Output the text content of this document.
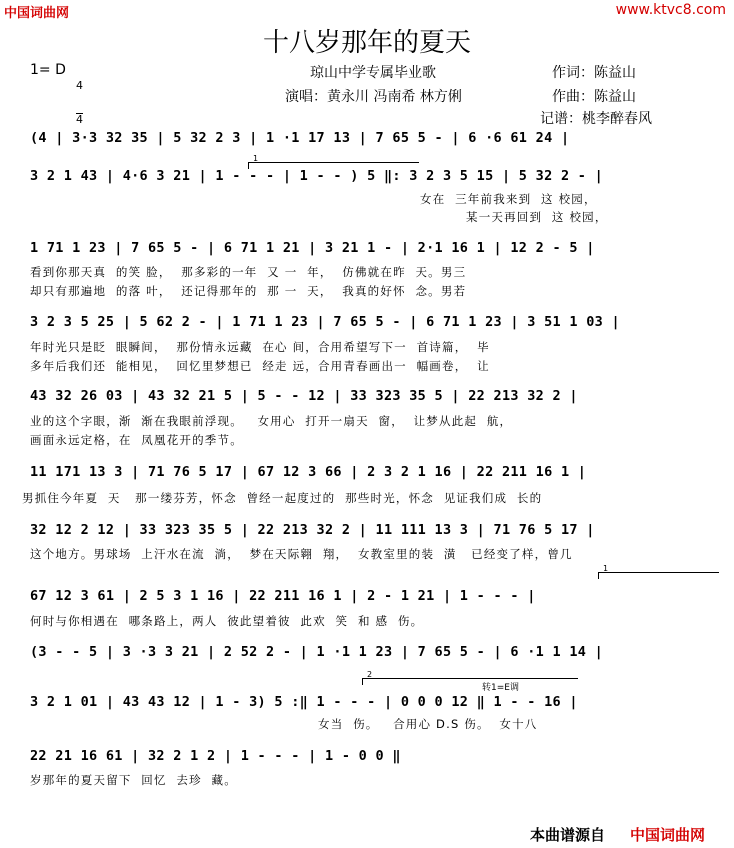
中国词曲网	www.ktvc8.com
十八岁那年的夏天
1= D

$\frac{4}{4}$	琼山中学专属毕业歌
演唱：黄永川 冯南希 林方俐
作词：陈益山
作曲：陈益山
记谱：桃李醉春风
(4 | 3·3 32 35 | 5 32 2 3 | 1 ·1 17 13 | 7 65 5 - | 6 ·6 61 24 |
1
3 2 1 43 | 4·6 3 21 | 1 - - - | 1 - - ) 5 ‖: 3 2 3 5 15 | 5 32 2 - |
女在  三年前我来到  这 校园，
某一天再回到  这 校园，
1 71 1 23 | 7 65 5 - | 6 71 1 21 | 3 21 1 - | 2·1 16 1 | 12 2 - 5 |
看到你那天真  的笑 脸，  那多彩的一年  又 一  年，  仿佛就在昨  天。男三
却只有那遍地  的落 叶，  还记得那年的  那 一  天，  我真的好怀  念。男若
3 2 3 5 25 | 5 62 2 - | 1 71 1 23 | 7 65 5 - | 6 71 1 23 | 3 51 1 03 |
年时光只是眨  眼瞬间，  那份情永远藏  在心 间，合用希望写下一  首诗篇，  毕
多年后我们还  能相见，  回忆里梦想已  经走 远，合用青春画出一  幅画卷，  让
43 32 26 03 | 43 32 21 5 | 5 - - 12 | 33 323 35 5 | 22 213 32 2 |
业的这个字眼，渐  渐在我眼前浮现。   女用心  打开一扇天  窗，  让梦从此起  航，
画面永远定格，在  凤凰花开的季节。
11 171 13 3 | 71 76 5 17 | 67 12 3 66 | 2 3 2 1 16 | 22 211 16 1 |
男抓住今年夏  天   那一缕芬芳，怀念  曾经一起度过的  那些时光，怀念  见证我们成  长的
32 12 2 12 | 33 323 35 5 | 22 213 32 2 | 11 111 13 3 | 71 76 5 17 |
这个地方。男球场  上汗水在流  淌，  梦在天际翱  翔，  女教室里的装  潢   已经变了样，曾几
1
67 12 3 61 | 2 5 3 1 16 | 22 211 16 1 | 2 - 1 21 | 1 - - - |
何时与你相遇在  哪条路上，两人  彼此望着彼  此欢  笑  和 感  伤。
(3 - - 5 | 3 ·3 3 21 | 2 52 2 - | 1 ·1 1 23 | 7 65 5 - | 6 ·1 1 14 |
2
转1=E调
3 2 1 01 | 43 43 12 | 1 - 3) 5 :‖ 1 - - - | 0 0 0 12 ‖ 1 - - 16 |
女当  伤。   合用心 D.S 伤。  女十八
22 21 16 61 | 32 2 1 2 | 1 - - - | 1 - 0 0 ‖
岁那年的夏天留下  回忆  去珍  藏。
本曲谱源自 中国词曲网
